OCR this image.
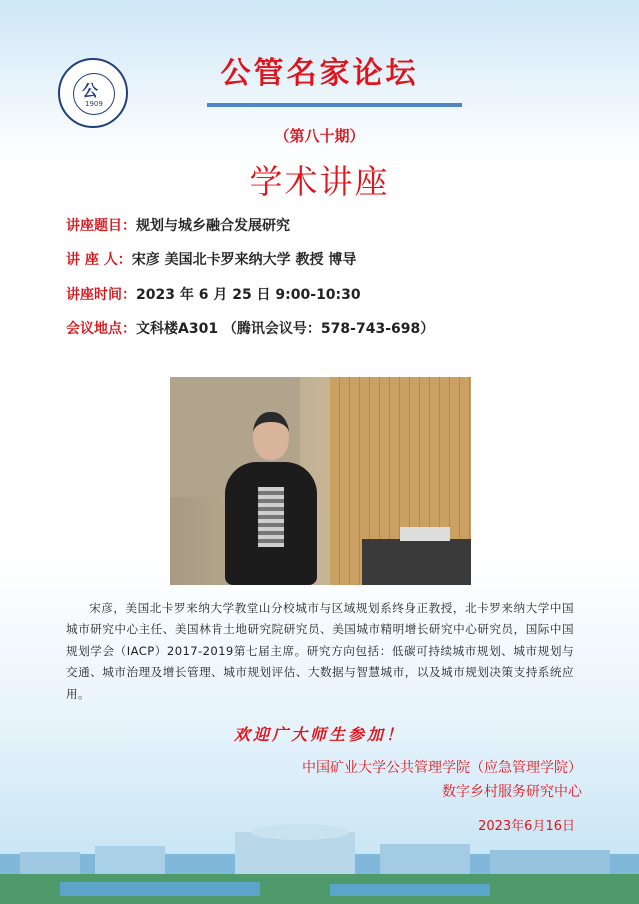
公
1909
公管名家论坛
（第八十期）
学术讲座
讲座题目：规划与城乡融合发展研究
讲 座 人：宋彦 美国北卡罗来纳大学 教授 博导
讲座时间：2023 年 6 月 25 日 9:00-10:30
会议地点：文科楼A301 （腾讯会议号：578-743-698）
宋彦，美国北卡罗来纳大学教堂山分校城市与区域规划系终身正教授，北卡罗来纳大学中国城市研究中心主任、美国林肯土地研究院研究员、美国城市精明增长研究中心研究员，国际中国规划学会（IACP）2017-2019第七届主席。研究方向包括：低碳可持续城市规划、城市规划与交通、城市治理及增长管理、城市规划评估、大数据与智慧城市，以及城市规划决策支持系统应用。
欢迎广大师生参加！
中国矿业大学公共管理学院（应急管理学院）
数字乡村服务研究中心
2023年6月16日
